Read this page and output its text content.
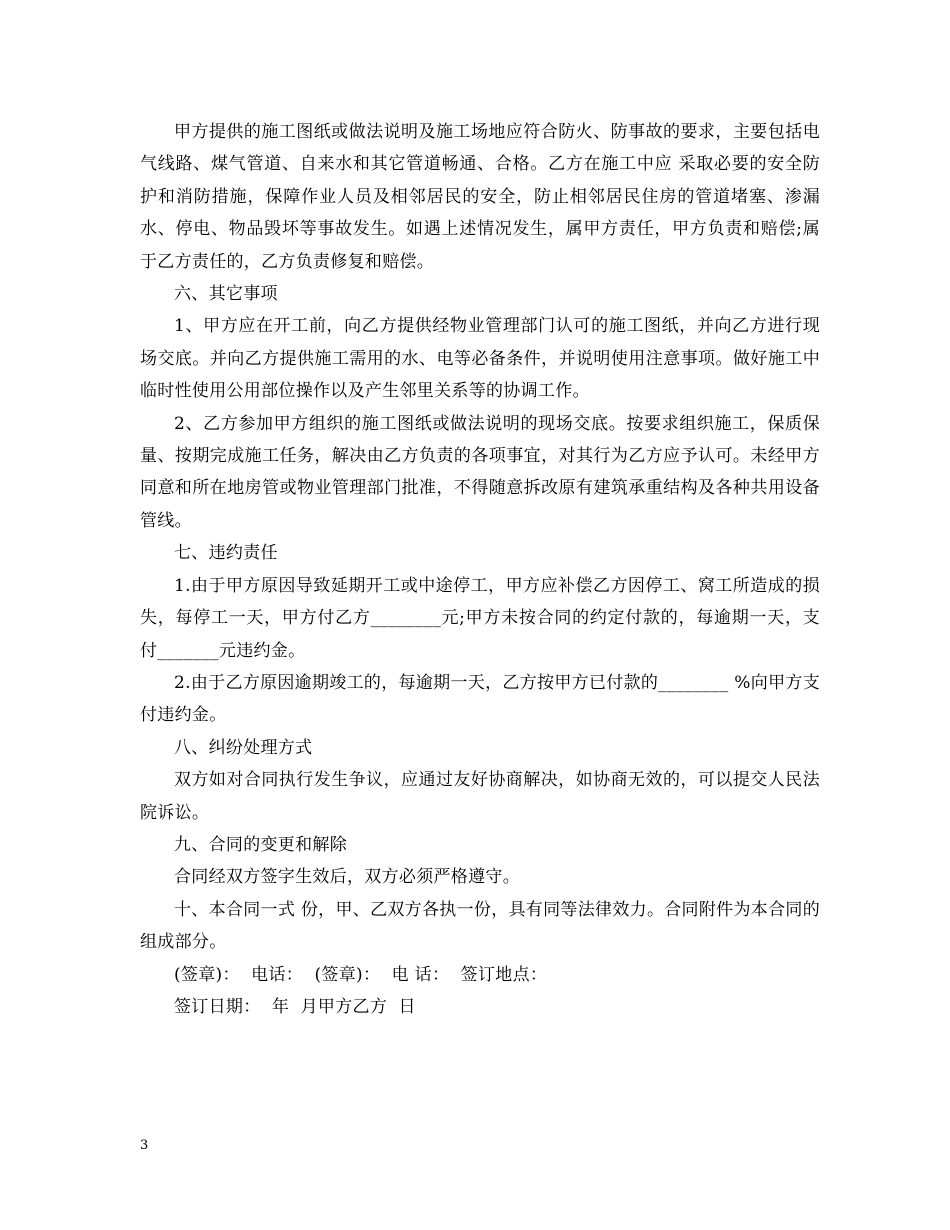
甲方提供的施工图纸或做法说明及施工场地应符合防火、防事故的要求，主要包括电气线路、煤气管道、自来水和其它管道畅通、合格。乙方在施工中应 采取必要的安全防护和消防措施，保障作业人员及相邻居民的安全，防止相邻居民住房的管道堵塞、渗漏水、停电、物品毁坏等事故发生。如遇上述情况发生，属甲方责任，甲方负责和赔偿;属于乙方责任的，乙方负责修复和赔偿。

六、其它事项

1、甲方应在开工前，向乙方提供经物业管理部门认可的施工图纸，并向乙方进行现场交底。并向乙方提供施工需用的水、电等必备条件，并说明使用注意事项。做好施工中临时性使用公用部位操作以及产生邻里关系等的协调工作。

2、乙方参加甲方组织的施工图纸或做法说明的现场交底。按要求组织施工，保质保量、按期完成施工任务，解决由乙方负责的各项事宜，对其行为乙方应予认可。未经甲方同意和所在地房管或物业管理部门批准，不得随意拆改原有建筑承重结构及各种共用设备管线。

七、违约责任

1.由于甲方原因导致延期开工或中途停工，甲方应补偿乙方因停工、窝工所造成的损失，每停工一天，甲方付乙方________元;甲方未按合同的约定付款的，每逾期一天，支付_______元违约金。

2.由于乙方原因逾期竣工的，每逾期一天，乙方按甲方已付款的________ %向甲方支付违约金。

八、纠纷处理方式

双方如对合同执行发生争议，应通过友好协商解决，如协商无效的，可以提交人民法院诉讼。

九、合同的变更和解除

合同经双方签字生效后，双方必须严格遵守。

十、本合同一式 份，甲、乙双方各执一份，具有同等法律效力。合同附件为本合同的组成部分。

(签章)：  电话：  (签章)：  电 话：  签订地点：

签订日期：  年  月甲方乙方  日

3
